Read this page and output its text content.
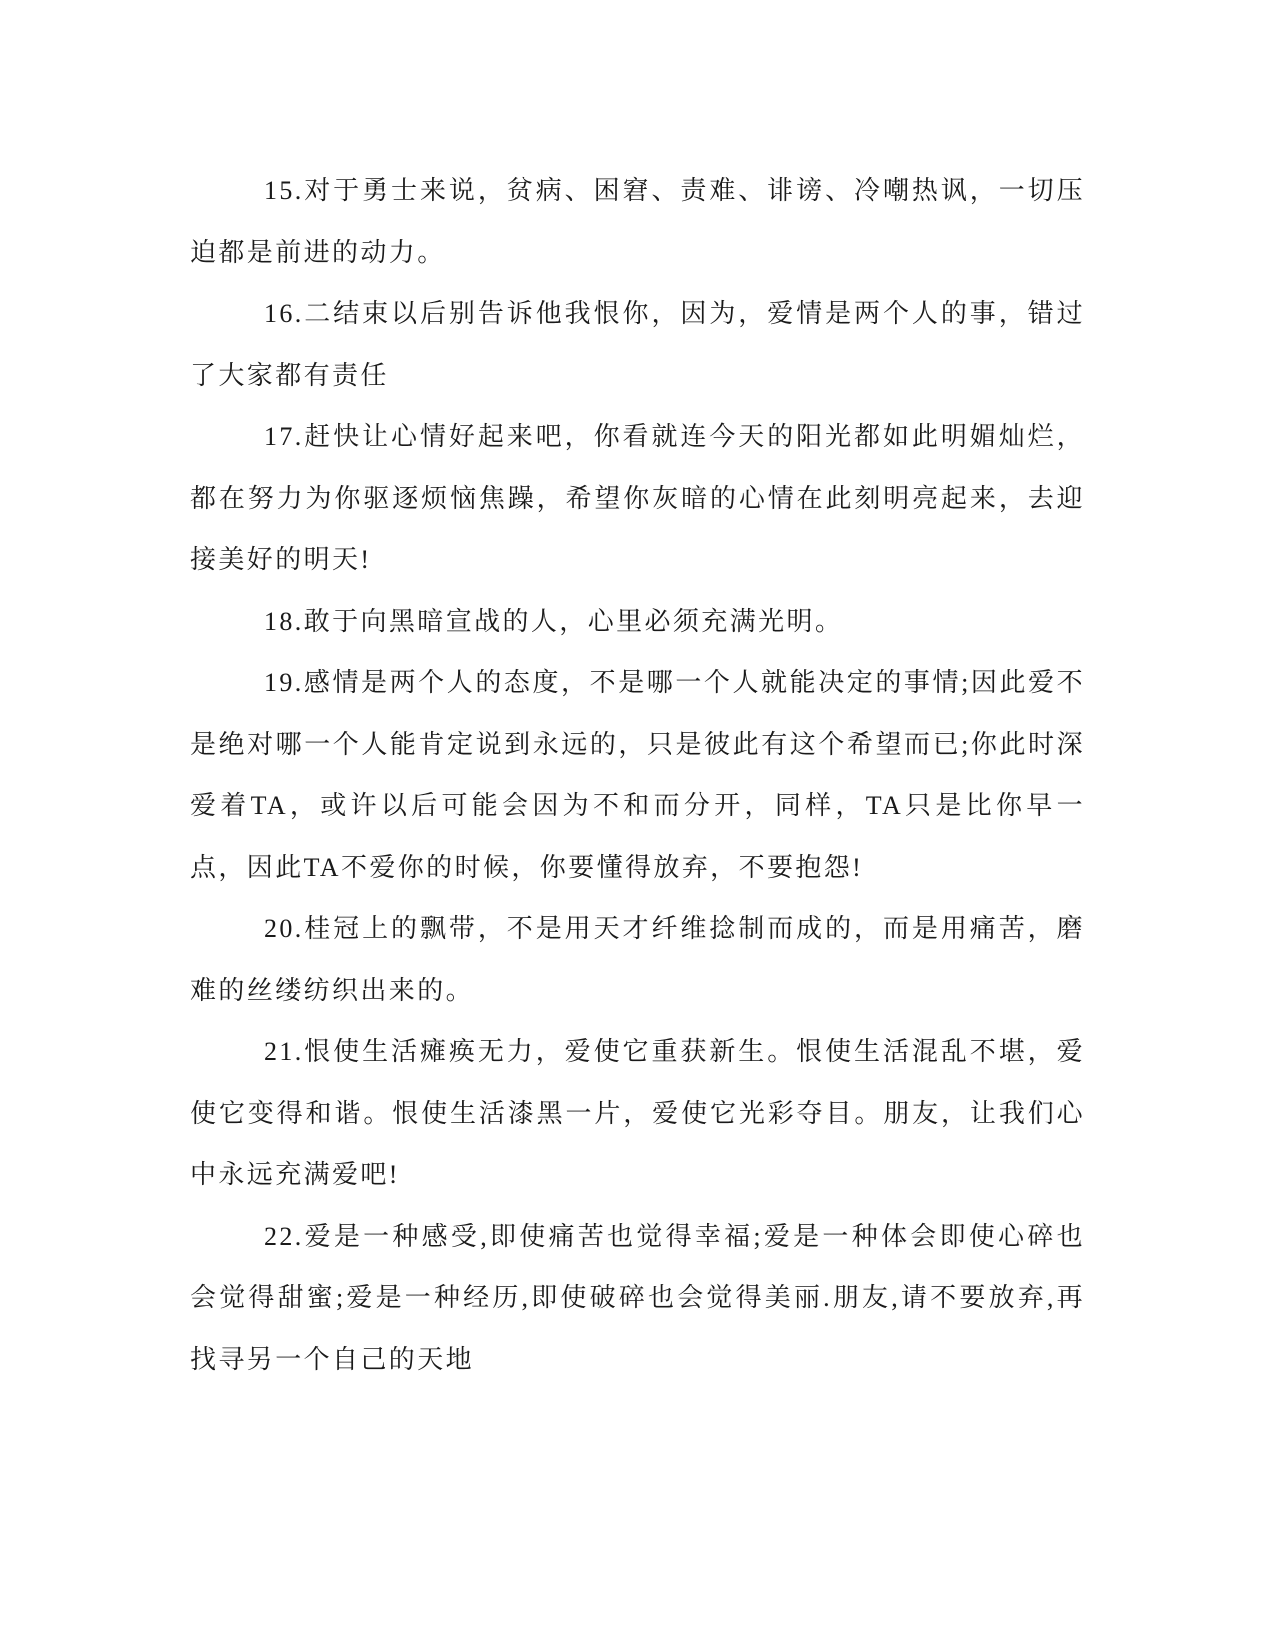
15.对于勇士来说，贫病、困窘、责难、诽谤、冷嘲热讽，一切压迫都是前进的动力。

16.二结束以后别告诉他我恨你，因为，爱情是两个人的事，错过了大家都有责任

17.赶快让心情好起来吧，你看就连今天的阳光都如此明媚灿烂，都在努力为你驱逐烦恼焦躁，希望你灰暗的心情在此刻明亮起来，去迎接美好的明天!

18.敢于向黑暗宣战的人，心里必须充满光明。

19.感情是两个人的态度，不是哪一个人就能决定的事情;因此爱不是绝对哪一个人能肯定说到永远的，只是彼此有这个希望而已;你此时深爱着TA，或许以后可能会因为不和而分开，同样，TA只是比你早一点，因此TA不爱你的时候，你要懂得放弃，不要抱怨!

20.桂冠上的飘带，不是用天才纤维捻制而成的，而是用痛苦，磨难的丝缕纺织出来的。

21.恨使生活瘫痪无力，爱使它重获新生。恨使生活混乱不堪，爱使它变得和谐。恨使生活漆黑一片，爱使它光彩夺目。朋友，让我们心中永远充满爱吧!

22.爱是一种感受,即使痛苦也觉得幸福;爱是一种体会即使心碎也会觉得甜蜜;爱是一种经历,即使破碎也会觉得美丽.朋友,请不要放弃,再找寻另一个自己的天地
